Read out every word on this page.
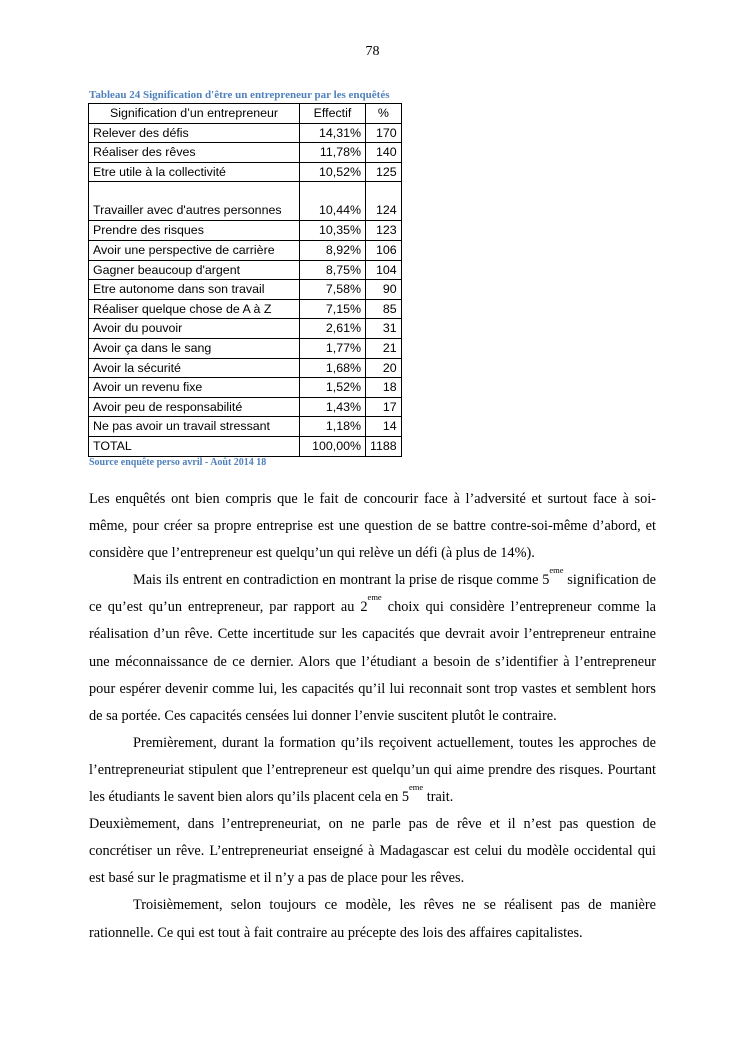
78
Tableau 24 Signification d'être un entrepreneur par les enquêtés
Signification d’un entrepreneur	Effectif	%
Relever des défis	14,31%	170
Réaliser des rêves	11,78%	140
Etre utile à la collectivité	10,52%	125
Travailler avec d'autres personnes	10,44%	124
Prendre des risques	10,35%	123
Avoir une perspective de carrière	8,92%	106
Gagner beaucoup d'argent	8,75%	104
Etre autonome dans son travail	7,58%	90
Réaliser quelque chose de A à Z	7,15%	85
Avoir du pouvoir	2,61%	31
Avoir ça dans le sang	1,77%	21
Avoir la sécurité	1,68%	20
Avoir un revenu fixe	1,52%	18
Avoir peu de responsabilité	1,43%	17
Ne pas avoir un travail stressant	1,18%	14
TOTAL	100,00%	1188
Source enquête perso avril - Août 2014 18

Les enquêtés ont bien compris que le fait de concourir face à l’adversité et surtout face à soi-même, pour créer sa propre entreprise est une question de se battre contre-soi-même d’abord, et considère que l’entrepreneur est quelqu’un qui relève un défi (à plus de 14%).

Mais ils entrent en contradiction en montrant la prise de risque comme 5eme signification de ce qu’est qu’un entrepreneur, par rapport au 2eme choix qui considère l’entrepreneur comme la réalisation d’un rêve. Cette incertitude sur les capacités que devrait avoir l’entrepreneur entraine une méconnaissance de ce dernier. Alors que l’étudiant a besoin de s’identifier à l’entrepreneur pour espérer devenir comme lui, les capacités qu’il lui reconnait sont trop vastes et semblent hors de sa portée. Ces capacités censées lui donner l’envie suscitent plutôt le contraire.

Premièrement, durant la formation qu’ils reçoivent actuellement, toutes les approches de l’entrepreneuriat stipulent que l’entrepreneur est quelqu’un qui aime prendre des risques. Pourtant les étudiants le savent bien alors qu’ils placent cela en 5eme trait.

Deuxièmement, dans l’entrepreneuriat, on ne parle pas de rêve et il n’est pas question de concrétiser un rêve. L’entrepreneuriat enseigné à Madagascar est celui du modèle occidental qui est basé sur le pragmatisme et il n’y a pas de place pour les rêves.

Troisièmement, selon toujours ce modèle, les rêves ne se réalisent pas de manière rationnelle. Ce qui est tout à fait contraire au précepte des lois des affaires capitalistes.
